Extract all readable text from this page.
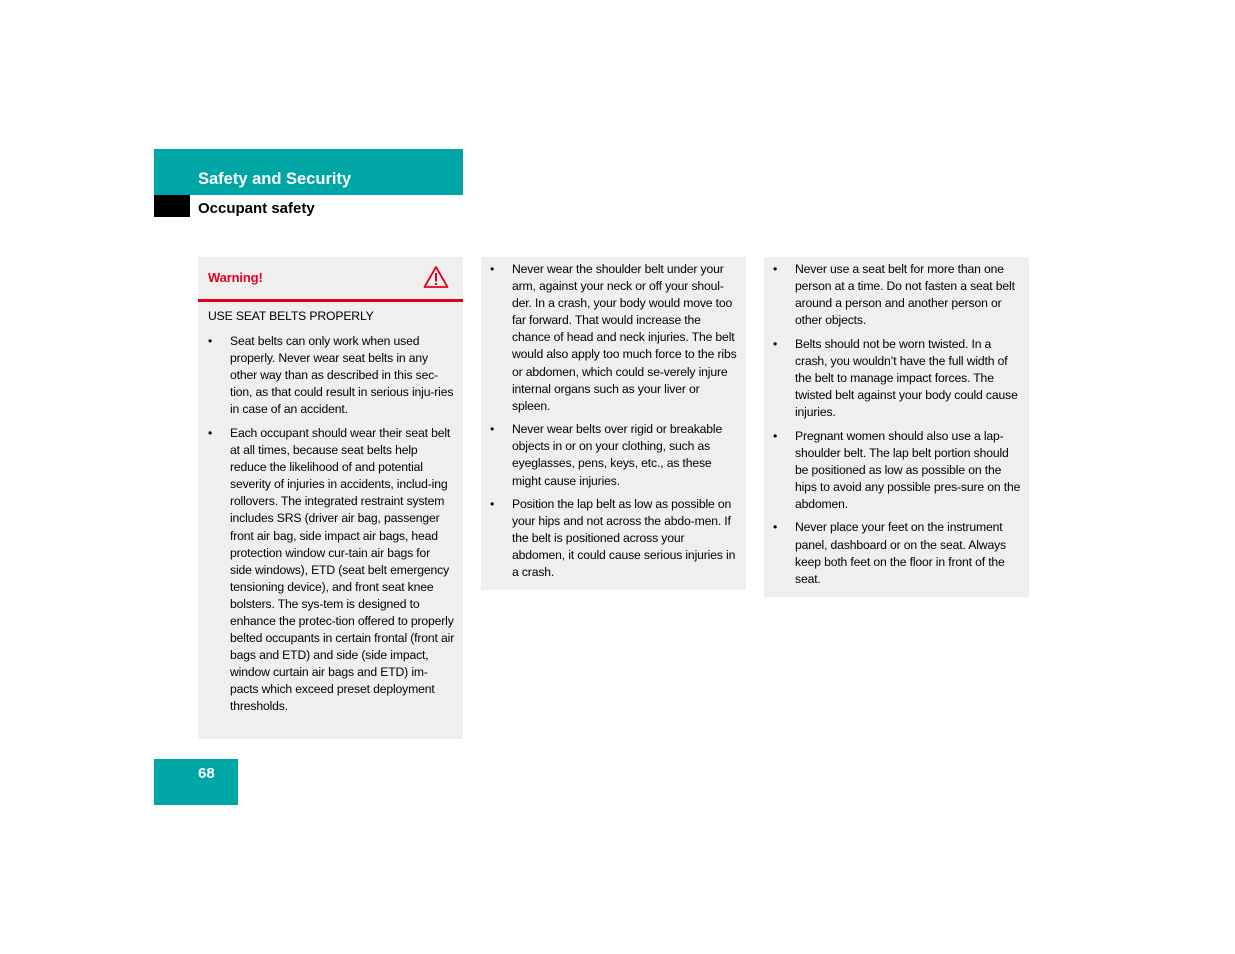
Safety and Security
Occupant safety
Warning!

USE SEAT BELTS PROPERLY

•	Seat belts can only work when used properly. Never wear seat belts in any other way than as described in this sec-tion, as that could result in serious inju-ries in case of an accident.
•	Each occupant should wear their seat belt at all times, because seat belts help reduce the likelihood of and potential severity of injuries in accidents, includ-ing rollovers. The integrated restraint system includes SRS (driver air bag, passenger front air bag, side impact air bags, head protection window cur-tain air bags for side windows), ETD (seat belt emergency tensioning device), and front seat knee bolsters. The sys-tem is designed to enhance the protec-tion offered to properly belted occupants in certain frontal (front air bags and ETD) and side (side impact, window curtain air bags and ETD) im-pacts which exceed preset deployment thresholds.
•	Never wear the shoulder belt under your arm, against your neck or off your shoul-der. In a crash, your body would move too far forward. That would increase the chance of head and neck injuries. The belt would also apply too much force to the ribs or abdomen, which could se-verely injure internal organs such as your liver or spleen.
•	Never wear belts over rigid or breakable objects in or on your clothing, such as eyeglasses, pens, keys, etc., as these might cause injuries.
•	Position the lap belt as low as possible on your hips and not across the abdo-men. If the belt is positioned across your abdomen, it could cause serious injuries in a crash.
•	Never use a seat belt for more than one person at a time. Do not fasten a seat belt around a person and another person or other objects.
•	Belts should not be worn twisted. In a crash, you wouldn’t have the full width of the belt to manage impact forces. The twisted belt against your body could cause injuries.
•	Pregnant women should also use a lap-shoulder belt. The lap belt portion should be positioned as low as possible on the hips to avoid any possible pres-sure on the abdomen.
•	Never place your feet on the instrument panel, dashboard or on the seat. Always keep both feet on the floor in front of the seat.
68
